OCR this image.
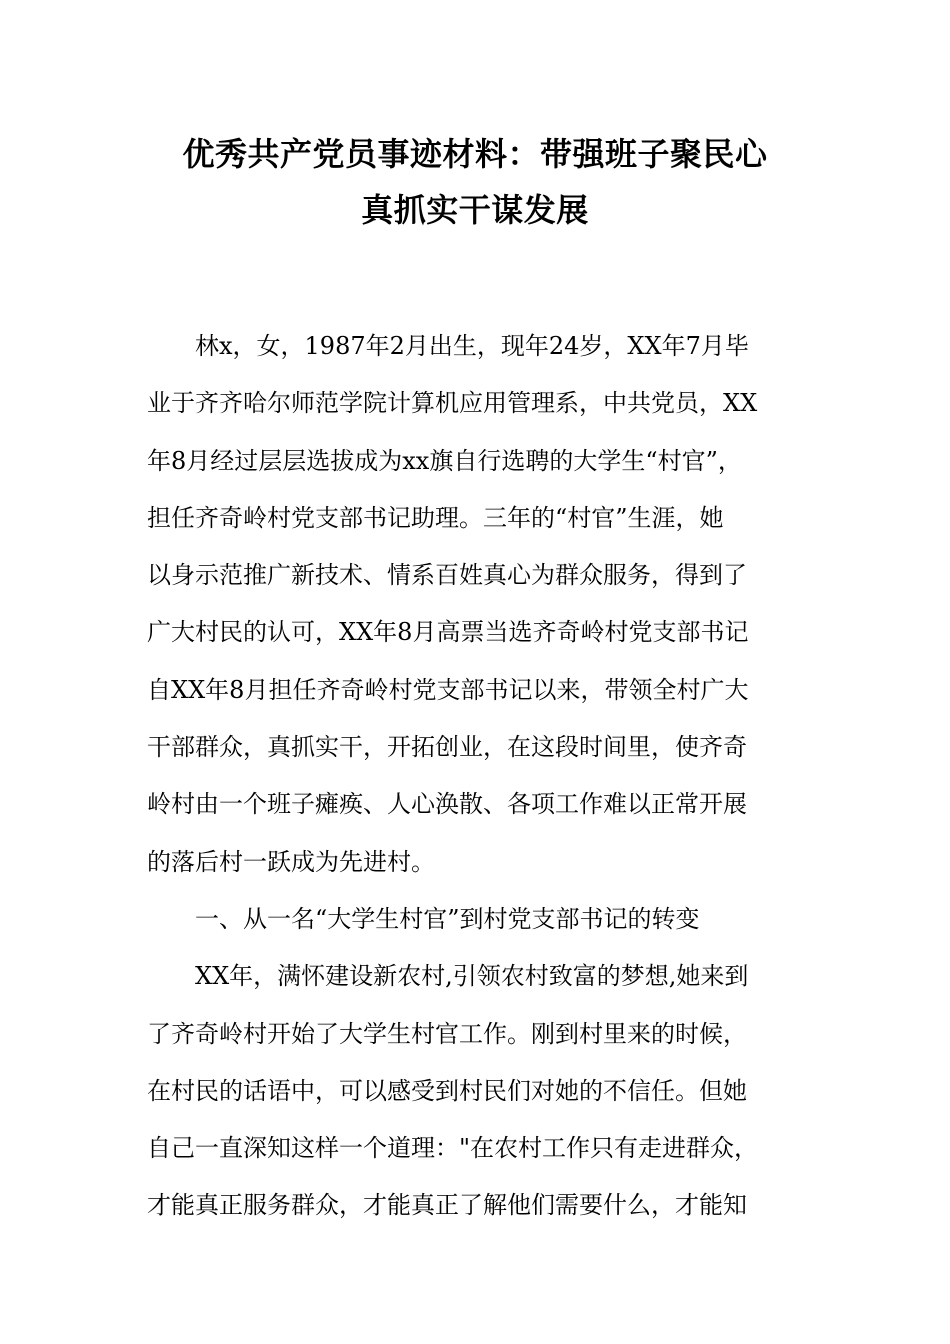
优秀共产党员事迹材料：带强班子聚民心
真抓实干谋发展
林x，女，1987年2月出生，现年24岁，XX年7月毕
业于齐齐哈尔师范学院计算机应用管理系，中共党员，XX
年8月经过层层选拔成为xx旗自行选聘的大学生“村官”，
担任齐奇岭村党支部书记助理。三年的“村官”生涯，她
以身示范推广新技术、情系百姓真心为群众服务，得到了
广大村民的认可，XX年8月高票当选齐奇岭村党支部书记
自XX年8月担任齐奇岭村党支部书记以来，带领全村广大
干部群众，真抓实干，开拓创业，在这段时间里，使齐奇
岭村由一个班子瘫痪、人心涣散、各项工作难以正常开展
的落后村一跃成为先进村。
一、从一名“大学生村官”到村党支部书记的转变
XX年，满怀建设新农村,引领农村致富的梦想,她来到
了齐奇岭村开始了大学生村官工作。刚到村里来的时候，
在村民的话语中，可以感受到村民们对她的不信任。但她
自己一直深知这样一个道理："在农村工作只有走进群众，
才能真正服务群众，才能真正了解他们需要什么，才能知
